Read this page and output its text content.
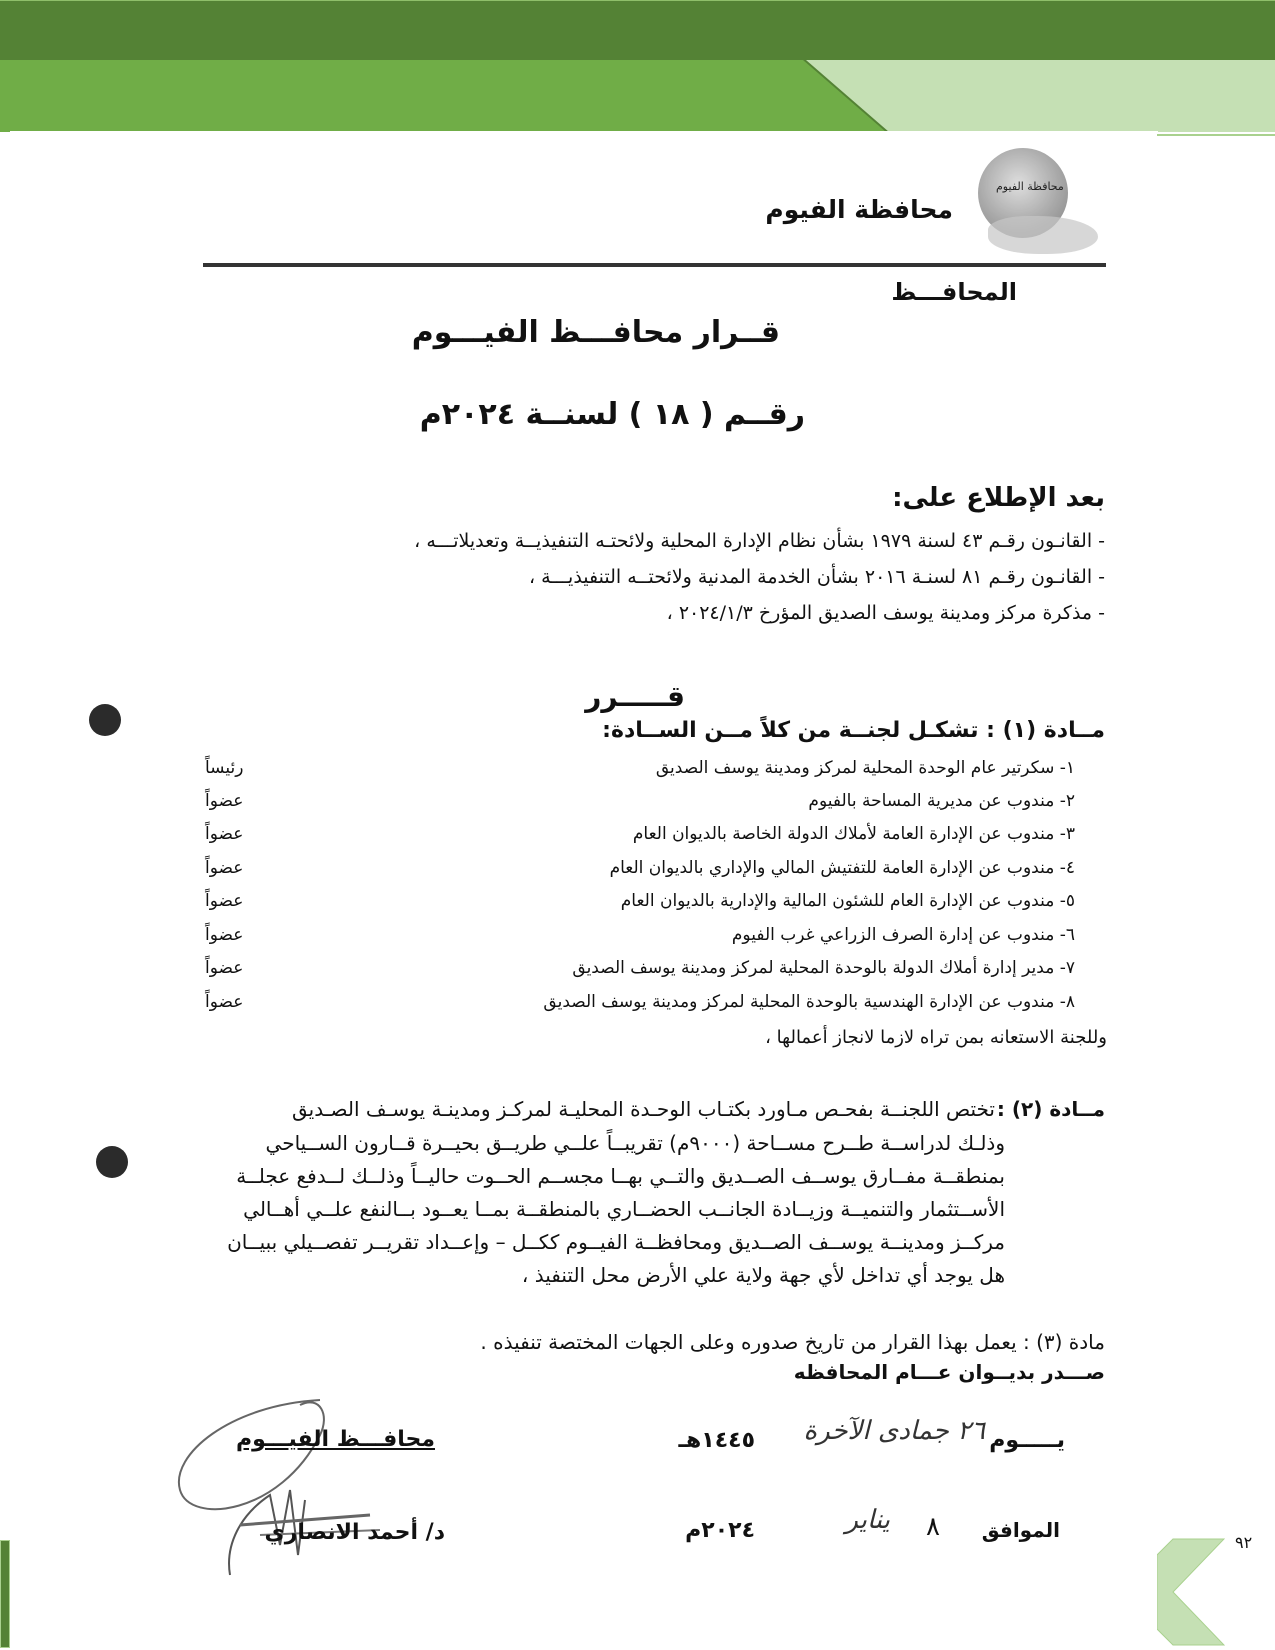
محافظة الفيوم
محافظة الفيوم
المحافـــظ
قــرار محافـــظ الفيـــوم
رقــم ( ١٨ ) لسنــة ٢٠٢٤م
بعد الإطلاع على:
- القانـون رقـم ٤٣ لسنة ١٩٧٩ بشأن نظام الإدارة المحلية ولائحتـه التنفيذيــة وتعديلاتـــه ،
- القانـون رقـم ٨١ لسنـة ٢٠١٦ بشأن الخدمة المدنية ولائحتــه التنفيذيـــة ،
- مذكرة مركز ومدينة يوسف الصديق المؤرخ ٢٠٢٤/١/٣ ،
قـــــرر
مــادة (١) : تشكـل لجنــة من كلاً مــن الســادة:
١- سكرتير عام الوحدة المحلية لمركز ومدينة يوسف الصديق
رئيساً
٢- مندوب عن مديرية المساحة بالفيوم
عضواً
٣- مندوب عن الإدارة العامة لأملاك الدولة الخاصة بالديوان العام
عضواً
٤- مندوب عن الإدارة العامة للتفتيش المالي والإداري بالديوان العام
عضواً
٥- مندوب عن الإدارة العام للشئون المالية والإدارية بالديوان العام
عضواً
٦- مندوب عن إدارة الصرف الزراعي غرب الفيوم
عضواً
٧- مدير إدارة أملاك الدولة بالوحدة المحلية لمركز ومدينة يوسف الصديق
عضواً
٨- مندوب عن الإدارة الهندسية بالوحدة المحلية لمركز ومدينة يوسف الصديق
عضواً
وللجنة الاستعانه بمن تراه لازما لانجاز أعمالها ،
مــادة (٢) :
تختص اللجنــة بفحـص مـاورد بكتـاب الوحـدة المحليـة لمركـز ومدينـة يوسـف الصـديق
وذلـك لدراســة طــرح مســاحة (٩٠٠٠م) تقريبــاً علــي طريــق بحيــرة قــارون الســياحي
بمنطقــة مفــارق يوســف الصــديق والتــي بهــا مجســم الحــوت حاليــاً وذلــك لــدفع عجلــة
الأســتثمار والتنميــة وزيــادة الجانــب الحضــاري بالمنطقــة بمــا يعــود بــالنفع علــي أهــالي
مركــز ومدينــة يوســف الصــديق ومحافظــة الفيــوم ككــل – وإعــداد تقريــر تفصــيلي ببيــان
هل يوجد أي تداخل لأي جهة ولاية علي الأرض محل التنفيذ ،
مادة (٣) : يعمل بهذا القرار من تاريخ صدوره وعلى الجهات المختصة تنفيذه .
صـــدر بديــوان عـــام المحافظه
يـــــوم
٢٦ جمادى الآخرة
١٤٤٥هـ
الموافق
٨
يناير
٢٠٢٤م
محافـــظ الفيـــوم
د/ أحمد الانصاري	٩٢
